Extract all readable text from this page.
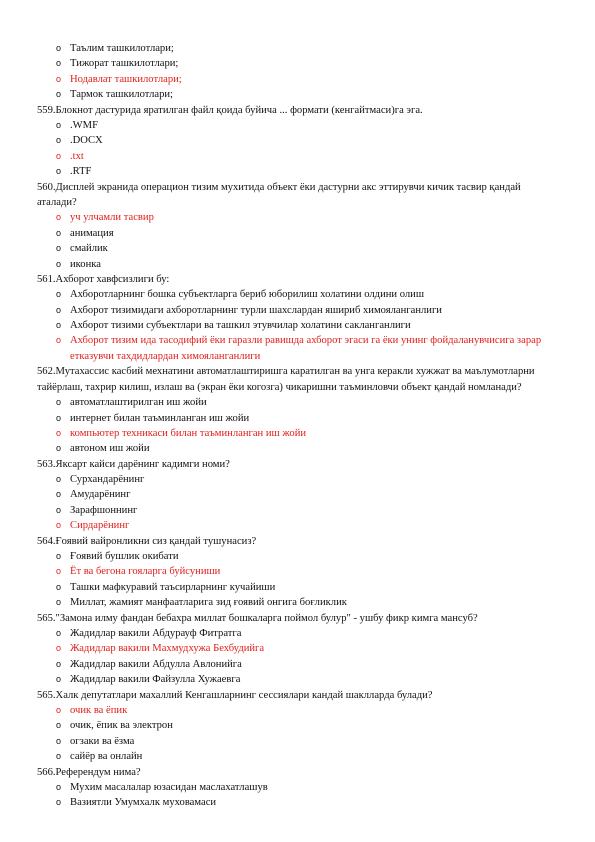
o Таълим ташкилотлари;
o Тижорат ташкилотлари;
o Нодавлат ташкилотлари;
o Тармок ташкилотлари;
559.Блокнот дастурида яратилган файл қоида буйича ... формати (кенгайтмаси)га эга.
o .WMF
o .DOCX
o .txt
o .RTF
560.Дисплей экранида операцион тизим мухитида объект ёки дастурни акс эттирувчи кичик тасвир қандай аталади?
o уч улчамли тасвир
o анимация
o смайлик
o иконка
561.Ахборот хавфсизлиги бу:
o Ахборотларнинг бошка субъектларга бериб юборилиш холатини олдини олиш
o Ахборот тизимидаги ахборотларнинг турли шахслардан яшириб химояланганлиги
o Ахборот тизими субъектлари ва ташкил этувчилар холатини сакланганлиги
o Ахборот тизим ида тасодифий ёки гаразли равишда ахборот эгаси га ёки унинг фойдаланувчисига зарар етказувчи тахдидлардан химояланганлиги
562.Мутахассис касбий мехнатини автоматлаштиришга каратилган ва унга керакли хужжат ва маълумотларни тайёрлаш, тахрир килиш, излаш ва (экран ёки когозга) чикаришни таъминловчи объект қандай номланади?
o автоматлаштирилган иш жойи
o интернет билан таъминланган иш жойи
o компьютер техникаси билан таъминланган иш жойи
o автоном иш жойи
563.Яксарт кайси дарёнинг кадимги номи?
o Сурхандарёнинг
o Амударёнинг
o Зарафшоннинг
o Сирдарёнинг
564.Ғоявий вайронликни сиз қандай тушунасиз?
o Ғоявий бушлик окибати
o Ёт ва бегона гояларга буйсуниши
o Ташки мафкуравий таъсирларнинг кучайиши
o Миллат, жамият манфаатларига зид ғоявий онгига боғликлик
565."Замона илму фандан бебахра миллат бошкаларга поймол булур" - ушбу фикр кимга мансуб?
o Жадидлар вакили Абдурауф Фитратга
o Жадидлар вакили Махмудхужа Бехбудийга
o Жадидлар вакили Абдулла Авлонийга
o Жадидлар вакили Файзулла Хужаевга
565.Халк депутатлари махаллий Кенгашларнинг сессиялари кандай шаклларда булади?
o очик ва ёпик
o очик, ёпик ва электрон
o огзаки ва ёзма
o сайёр ва онлайн
566.Референдум нима?
o Мухим масалалар юзасидан маслахатлашув
o Вазиятли Умумхалк муховамаси
